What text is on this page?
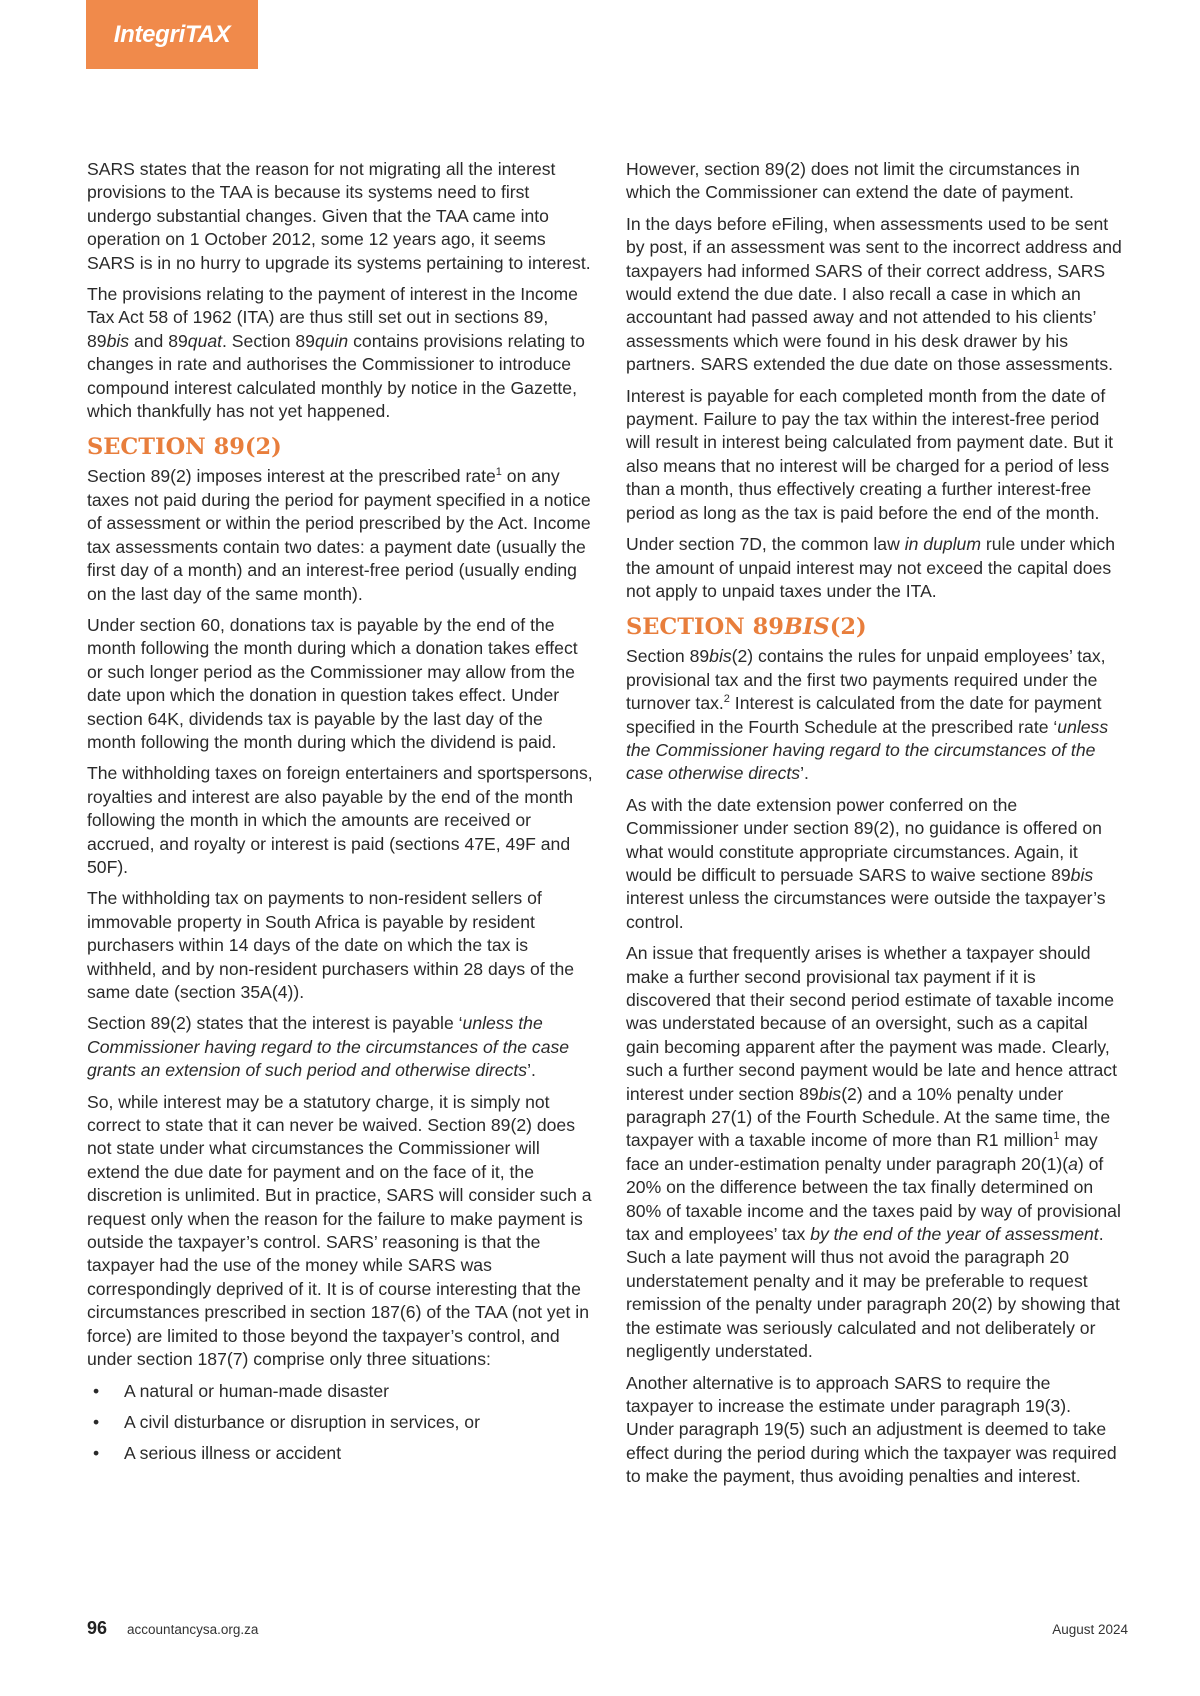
IntegriTAX

SARS states that the reason for not migrating all the interest provisions to the TAA is because its systems need to first undergo substantial changes. Given that the TAA came into operation on 1 October 2012, some 12 years ago, it seems SARS is in no hurry to upgrade its systems pertaining to interest.

The provisions relating to the payment of interest in the Income Tax Act 58 of 1962 (ITA) are thus still set out in sections 89, 89bis and 89quat. Section 89quin contains provisions relating to changes in rate and authorises the Commissioner to introduce compound interest calculated monthly by notice in the Gazette, which thankfully has not yet happened.

SECTION 89(2)

Section 89(2) imposes interest at the prescribed rate$^1$ on any taxes not paid during the period for payment specified in a notice of assessment or within the period prescribed by the Act. Income tax assessments contain two dates: a payment date (usually the first day of a month) and an interest-free period (usually ending on the last day of the same month).

Under section 60, donations tax is payable by the end of the month following the month during which a donation takes effect or such longer period as the Commissioner may allow from the date upon which the donation in question takes effect. Under section 64K, dividends tax is payable by the last day of the month following the month during which the dividend is paid.

The withholding taxes on foreign entertainers and sportspersons, royalties and interest are also payable by the end of the month following the month in which the amounts are received or accrued, and royalty or interest is paid (sections 47E, 49F and 50F).

The withholding tax on payments to non-resident sellers of immovable property in South Africa is payable by resident purchasers within 14 days of the date on which the tax is withheld, and by non-resident purchasers within 28 days of the same date (section 35A(4)).

Section 89(2) states that the interest is payable ‘unless the Commissioner having regard to the circumstances of the case grants an extension of such period and otherwise directs’.

So, while interest may be a statutory charge, it is simply not correct to state that it can never be waived. Section 89(2) does not state under what circumstances the Commissioner will extend the due date for payment and on the face of it, the discretion is unlimited. But in practice, SARS will consider such a request only when the reason for the failure to make payment is outside the taxpayer’s control. SARS’ reasoning is that the taxpayer had the use of the money while SARS was correspondingly deprived of it. It is of course interesting that the circumstances prescribed in section 187(6) of the TAA (not yet in force) are limited to those beyond the taxpayer’s control, and under section 187(7) comprise only three situations:

• A natural or human-made disaster
• A civil disturbance or disruption in services, or
• A serious illness or accident

However, section 89(2) does not limit the circumstances in which the Commissioner can extend the date of payment.

In the days before eFiling, when assessments used to be sent by post, if an assessment was sent to the incorrect address and taxpayers had informed SARS of their correct address, SARS would extend the due date. I also recall a case in which an accountant had passed away and not attended to his clients’ assessments which were found in his desk drawer by his partners. SARS extended the due date on those assessments.

Interest is payable for each completed month from the date of payment. Failure to pay the tax within the interest-free period will result in interest being calculated from payment date. But it also means that no interest will be charged for a period of less than a month, thus effectively creating a further interest-free period as long as the tax is paid before the end of the month.

Under section 7D, the common law in duplum rule under which the amount of unpaid interest may not exceed the capital does not apply to unpaid taxes under the ITA.

SECTION 89BIS(2)

Section 89bis(2) contains the rules for unpaid employees’ tax, provisional tax and the first two payments required under the turnover tax.$^2$ Interest is calculated from the date for payment specified in the Fourth Schedule at the prescribed rate ‘unless the Commissioner having regard to the circumstances of the case otherwise directs’.

As with the date extension power conferred on the Commissioner under section 89(2), no guidance is offered on what would constitute appropriate circumstances. Again, it would be difficult to persuade SARS to waive sectione 89bis interest unless the circumstances were outside the taxpayer’s control.

An issue that frequently arises is whether a taxpayer should make a further second provisional tax payment if it is discovered that their second period estimate of taxable income was understated because of an oversight, such as a capital gain becoming apparent after the payment was made. Clearly, such a further second payment would be late and hence attract interest under section 89bis(2) and a 10% penalty under paragraph 27(1) of the Fourth Schedule. At the same time, the taxpayer with a taxable income of more than R1 million$^1$ may face an under-estimation penalty under paragraph 20(1)(a) of 20% on the difference between the tax finally determined on 80% of taxable income and the taxes paid by way of provisional tax and employees’ tax by the end of the year of assessment. Such a late payment will thus not avoid the paragraph 20 understatement penalty and it may be preferable to request remission of the penalty under paragraph 20(2) by showing that the estimate was seriously calculated and not deliberately or negligently understated.

Another alternative is to approach SARS to require the taxpayer to increase the estimate under paragraph 19(3). Under paragraph 19(5) such an adjustment is deemed to take effect during the period during which the taxpayer was required to make the payment, thus avoiding penalties and interest.

96 accountancysa.org.za	August 2024
